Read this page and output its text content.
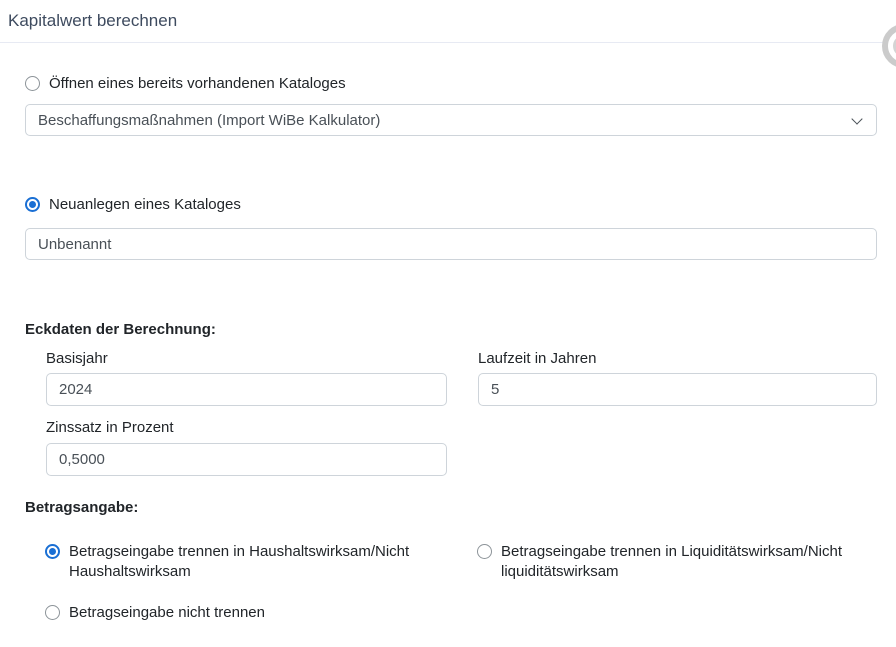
Kapitalwert berechnen
Öffnen eines bereits vorhandenen Kataloges
Beschaffungsmaßnahmen (Import WiBe Kalkulator)
Neuanlegen eines Kataloges
Unbenannt
Eckdaten der Berechnung:
Basisjahr
2024	Laufzeit in Jahren
5
Zinssatz in Prozent
0,5000
Betragsangabe:
Betragseingabe trennen in Haushaltswirksam/Nicht
Haushaltswirksam
Betragseingabe trennen in Liquiditätswirksam/Nicht
liquiditätswirksam
Betragseingabe nicht trennen
